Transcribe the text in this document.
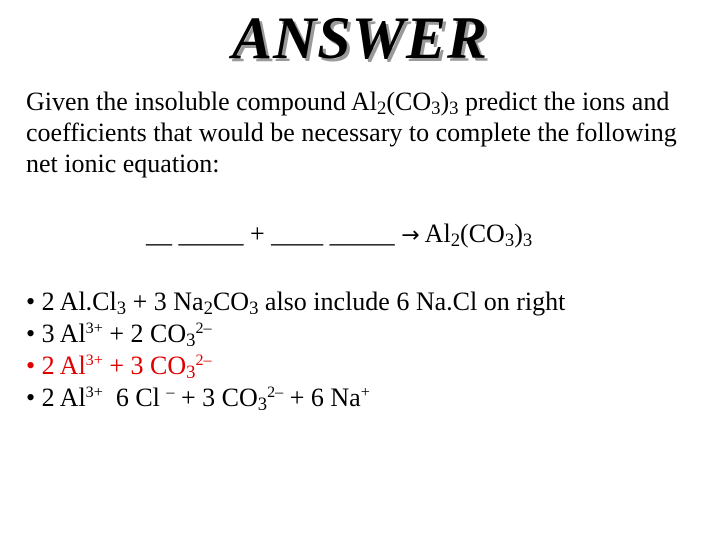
ANSWER
Given the insoluble compound $Al_2(CO_3)_3$ predict the ions and coefficients that would be necessary to complete the following net ionic equation:
__ _____ + ____ _____ → $Al_2(CO_3)_3$
• 2 $Al.Cl_3 + 3$ $Na_2CO_3$ also include 6 Na.Cl on right
• 3 $Al^{3+} + 2$ $CO_3^{2-}$
• 2 $Al^{3+} + 3$ $CO_3^{2-}$
• 2 $Al^{3+}$  6 Cl – + 3 $CO_3^{2-} + 6$ Na+
